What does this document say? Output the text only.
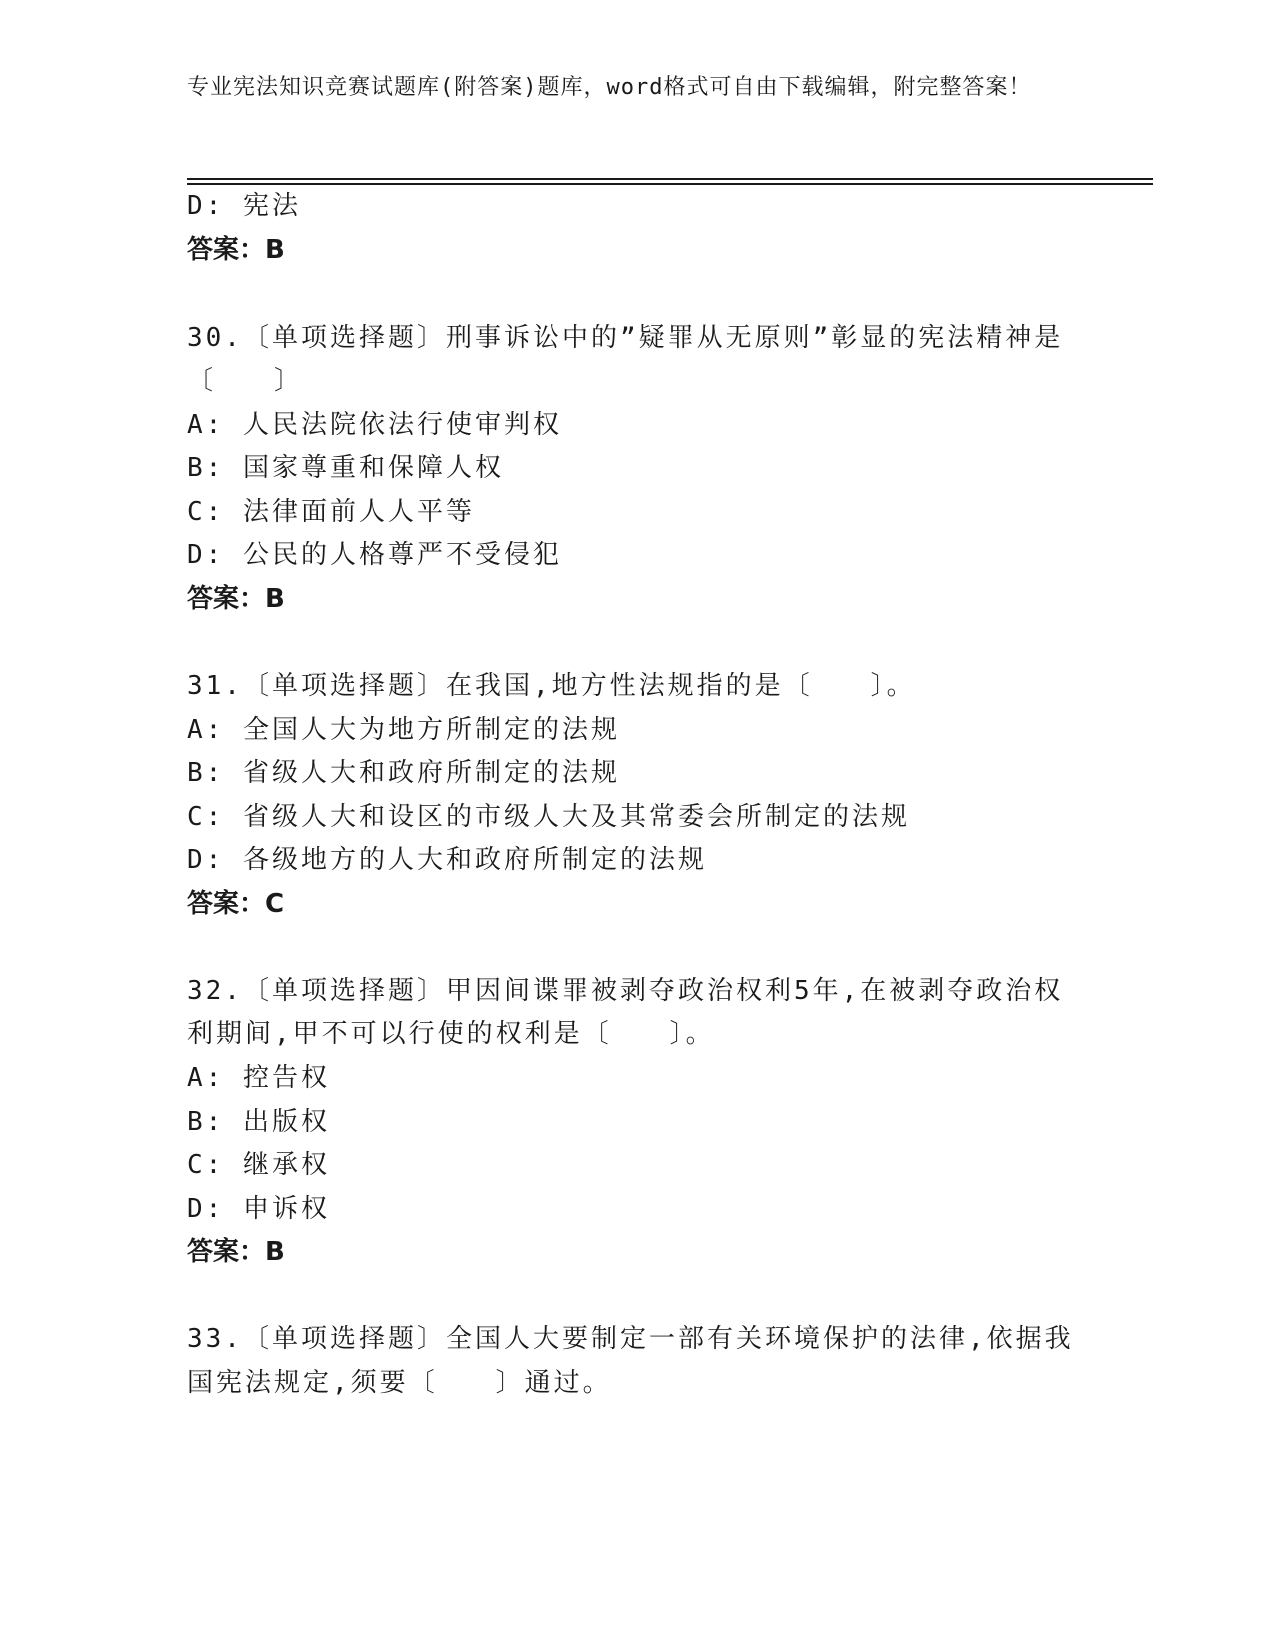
专业宪法知识竞赛试题库(附答案)题库，word格式可自由下载编辑，附完整答案！
D: 宪法
答案：B
30.〔单项选择题〕刑事诉讼中的”疑罪从无原则”彰显的宪法精神是
〔　　〕
A: 人民法院依法行使审判权
B: 国家尊重和保障人权
C: 法律面前人人平等
D: 公民的人格尊严不受侵犯
答案：B
31.〔单项选择题〕在我国,地方性法规指的是〔　　〕。
A: 全国人大为地方所制定的法规
B: 省级人大和政府所制定的法规
C: 省级人大和设区的市级人大及其常委会所制定的法规
D: 各级地方的人大和政府所制定的法规
答案：C
32.〔单项选择题〕甲因间谍罪被剥夺政治权利5年,在被剥夺政治权
利期间,甲不可以行使的权利是〔　　〕。
A: 控告权
B: 出版权
C: 继承权
D: 申诉权
答案：B
33.〔单项选择题〕全国人大要制定一部有关环境保护的法律,依据我
国宪法规定,须要〔　　〕通过。
